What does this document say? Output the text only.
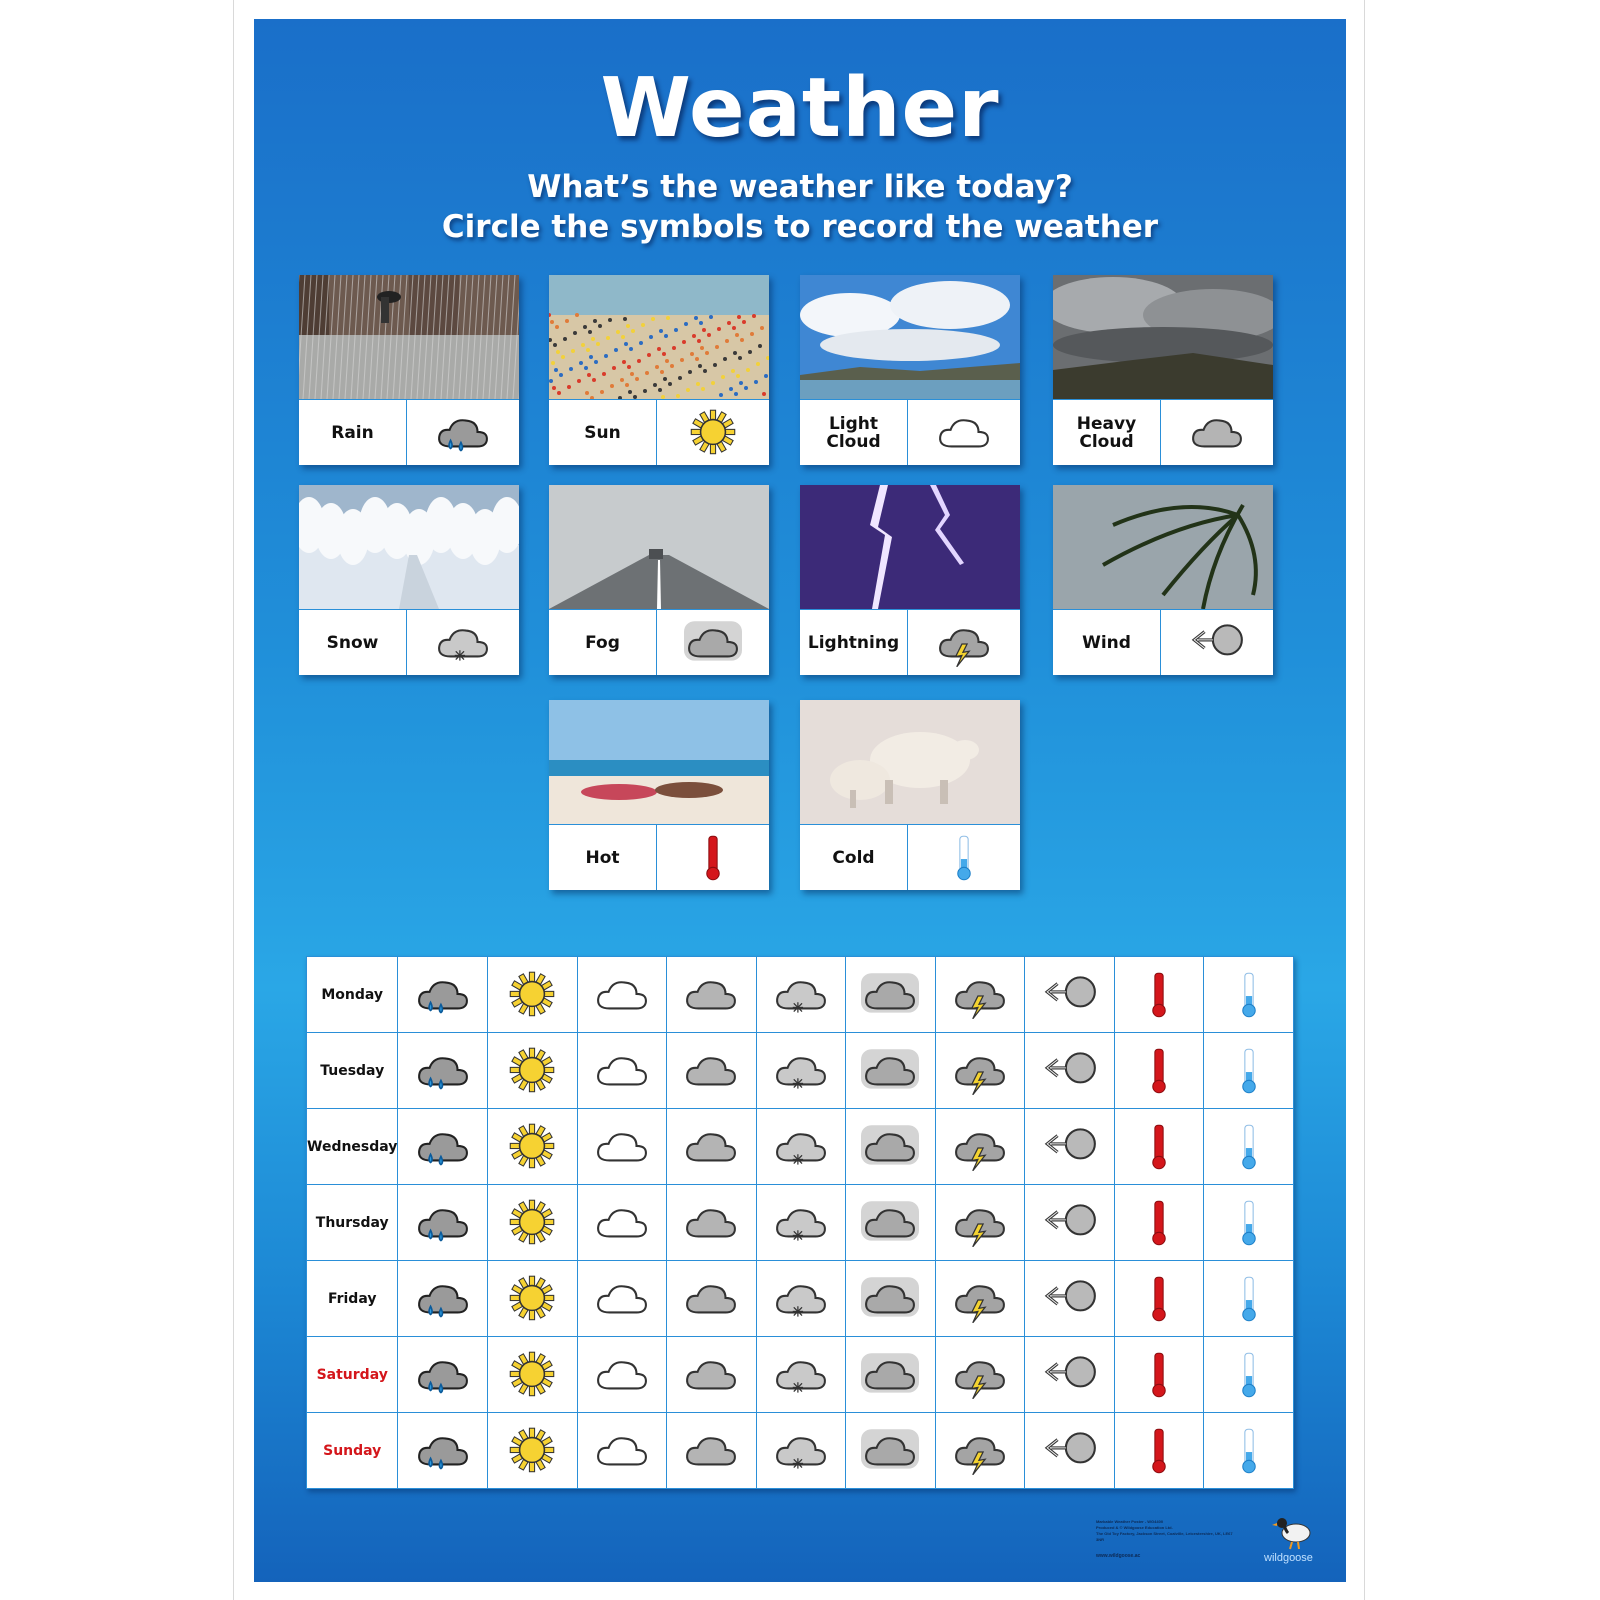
Weather
What’s the weather like today?
Circle the symbols to record the weather
Rain	Sun	Light
Cloud
Heavy
Cloud
Snow	Fog	Lightning	Wind
Hot	Cold
Monday	

Tuesday	

Wednesday	

Thursday	

Friday	

Saturday	

Sunday	

Markable Weather Poster - WG4400
Produced & © Wildgoose Education Ltd.
The Old Toy Factory, Jackson Street, Coalville, Leicestershire, UK, LE67 3NR
www.wildgoose.ac	wildgoose
